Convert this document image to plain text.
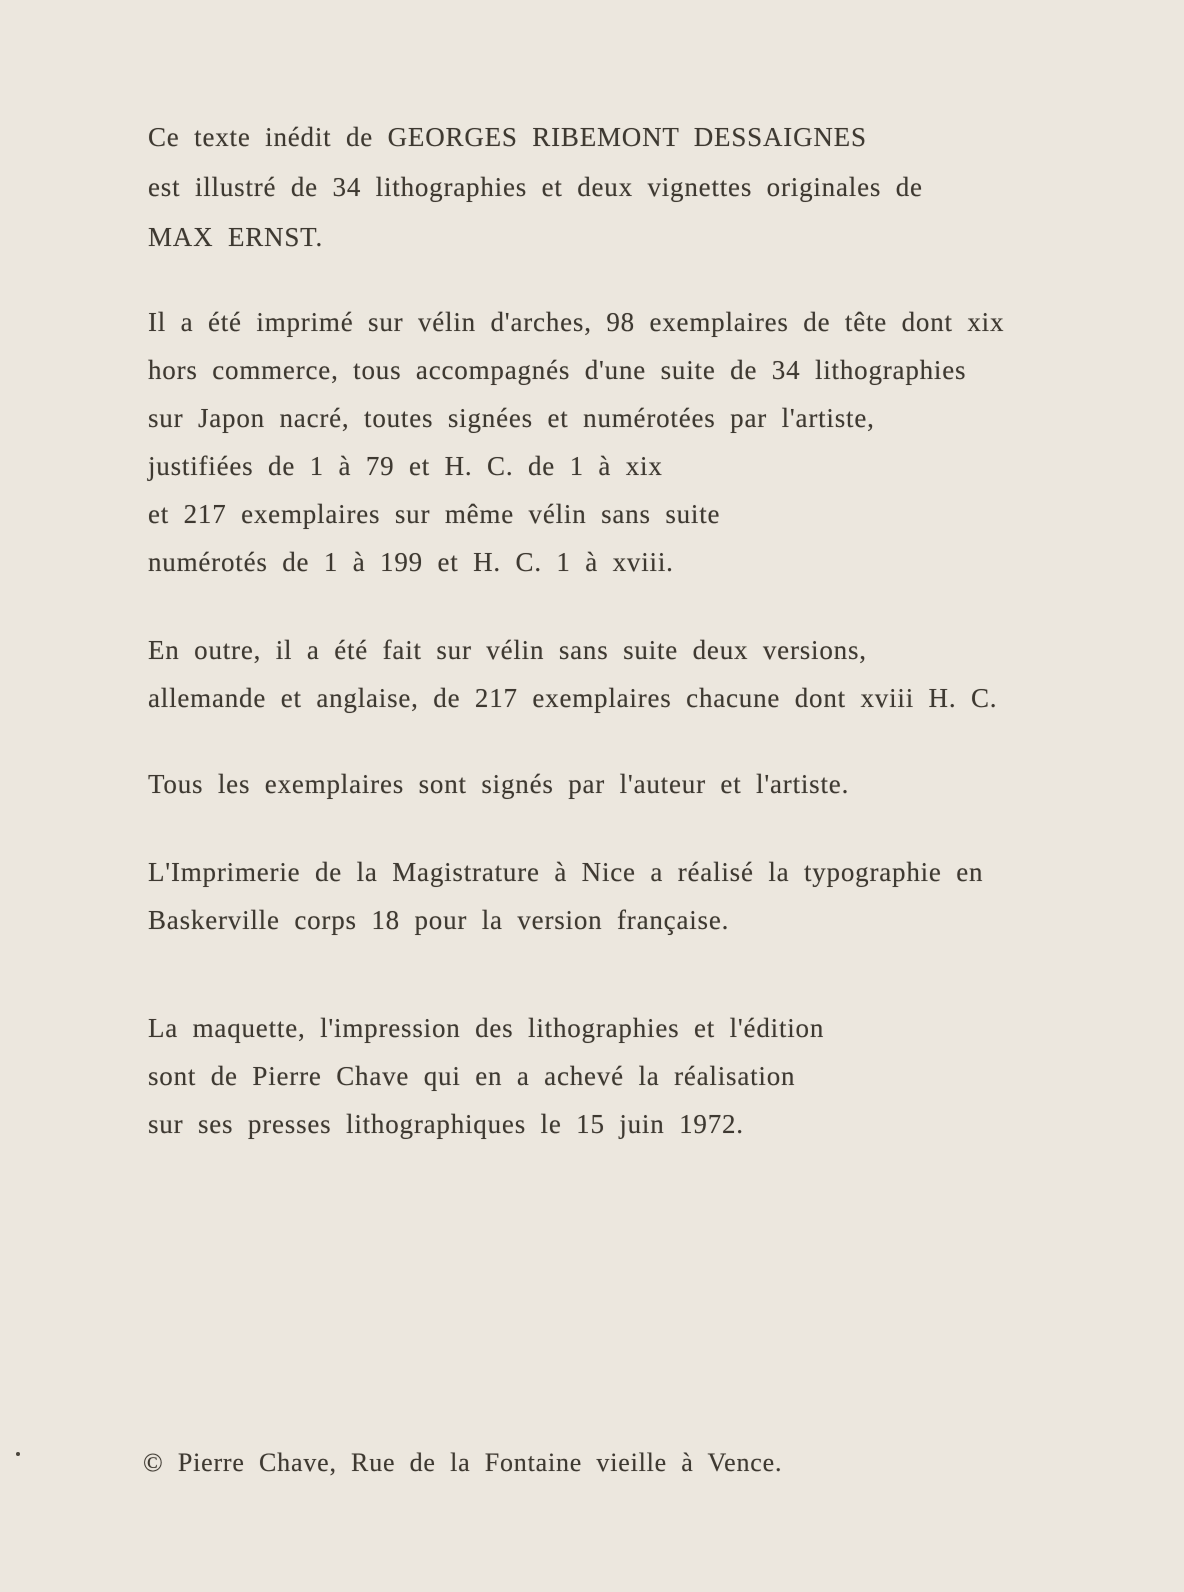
Ce texte inédit de GEORGES RIBEMONT DESSAIGNES
est illustré de 34 lithographies et deux vignettes originales de
MAX ERNST.

Il a été imprimé sur vélin d'arches, 98 exemplaires de tête dont xix
hors commerce, tous accompagnés d'une suite de 34 lithographies
sur Japon nacré, toutes signées et numérotées par l'artiste,
justifiées de 1 à 79 et H. C. de 1 à xix
et 217 exemplaires sur même vélin sans suite
numérotés de 1 à 199 et H. C. 1 à xviii.

En outre, il a été fait sur vélin sans suite deux versions,
allemande et anglaise, de 217 exemplaires chacune dont xviii H. C.

Tous les exemplaires sont signés par l'auteur et l'artiste.

L'Imprimerie de la Magistrature à Nice a réalisé la typographie en
Baskerville corps 18 pour la version française.

La maquette, l'impression des lithographies et l'édition
sont de Pierre Chave qui en a achevé la réalisation
sur ses presses lithographiques le 15 juin 1972.

© Pierre Chave, Rue de la Fontaine vieille à Vence.
